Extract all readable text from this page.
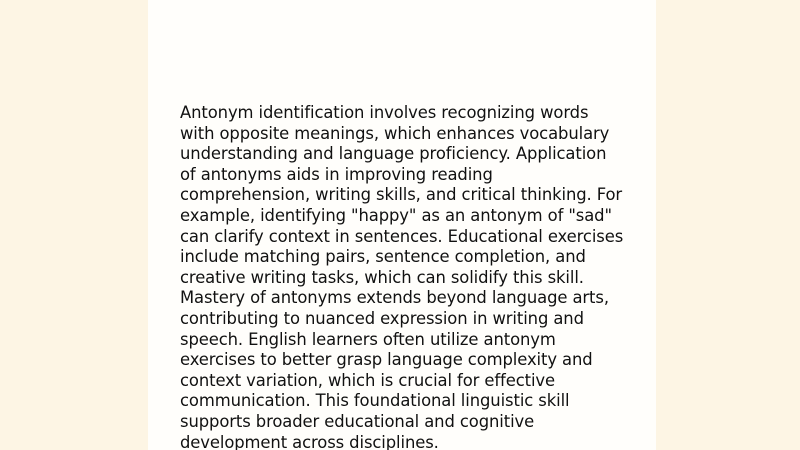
Antonym identification involves recognizing words with opposite meanings, which enhances vocabulary understanding and language proficiency. Application of antonyms aids in improving reading comprehension, writing skills, and critical thinking. For example, identifying "happy" as an antonym of "sad" can clarify context in sentences. Educational exercises include matching pairs, sentence completion, and creative writing tasks, which can solidify this skill. Mastery of antonyms extends beyond language arts, contributing to nuanced expression in writing and speech. English learners often utilize antonym exercises to better grasp language complexity and context variation, which is crucial for effective communication. This foundational linguistic skill supports broader educational and cognitive development across disciplines.
